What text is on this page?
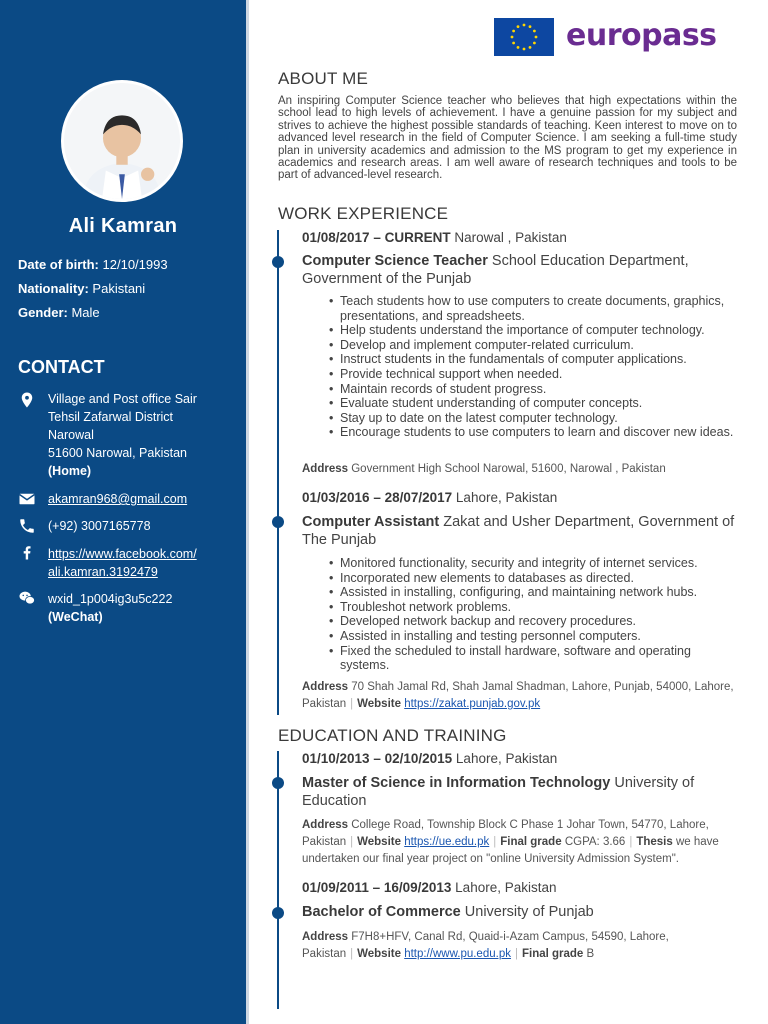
Ali Kamran
Date of birth: 12/10/1993
Nationality: Pakistani
Gender: Male
CONTACT
Village and Post office Sair
Tehsil Zafarwal District
Narowal
51600 Narowal, Pakistan
(Home)
akamran968@gmail.com
(+92) 3007165778
https://www.facebook.com/
ali.kamran.3192479
wxid_1p004ig3u5c222
(WeChat)
europass
ABOUT ME
An inspiring Computer Science teacher who believes that high expectations within the school lead to high levels of achievement. I have a genuine passion for my subject and strives to achieve the highest possible standards of teaching. Keen interest to move on to advanced level research in the field of Computer Science. I am seeking a full-time study plan in university academics and admission to the MS program to get my experience in academics and research areas. I am well aware of research techniques and tools to be part of advanced-level research.
WORK EXPERIENCE
01/08/2017 – CURRENT Narowal , Pakistan
Computer Science Teacher School Education Department, Government of the Punjab
• Teach students how to use computers to create documents, graphics, presentations, and spreadsheets.
• Help students understand the importance of computer technology.
• Develop and implement computer-related curriculum.
• Instruct students in the fundamentals of computer applications.
• Provide technical support when needed.
• Maintain records of student progress.
• Evaluate student understanding of computer concepts.
• Stay up to date on the latest computer technology.
• Encourage students to use computers to learn and discover new ideas.
Address Government High School Narowal, 51600, Narowal , Pakistan
01/03/2016 – 28/07/2017 Lahore, Pakistan
Computer Assistant Zakat and Usher Department, Government of The Punjab
• Monitored functionality, security and integrity of internet services.
• Incorporated new elements to databases as directed.
• Assisted in installing, configuring, and maintaining network hubs.
• Troubleshot network problems.
• Developed network backup and recovery procedures.
• Assisted in installing and testing personnel computers.
• Fixed the scheduled to install hardware, software and operating systems.
Address 70 Shah Jamal Rd, Shah Jamal Shadman, Lahore, Punjab, 54000, Lahore, Pakistan | Website https://zakat.punjab.gov.pk
EDUCATION AND TRAINING
01/10/2013 – 02/10/2015 Lahore, Pakistan
Master of Science in Information Technology University of Education
Address College Road, Township Block C Phase 1 Johar Town, 54770, Lahore, Pakistan | Website https://ue.edu.pk | Final grade CGPA: 3.66 | Thesis we have undertaken our final year project on "online University Admission System".
01/09/2011 – 16/09/2013 Lahore, Pakistan
Bachelor of Commerce University of Punjab
Address F7H8+HFV, Canal Rd, Quaid-i-Azam Campus, 54590, Lahore, Pakistan | Website http://www.pu.edu.pk | Final grade B
